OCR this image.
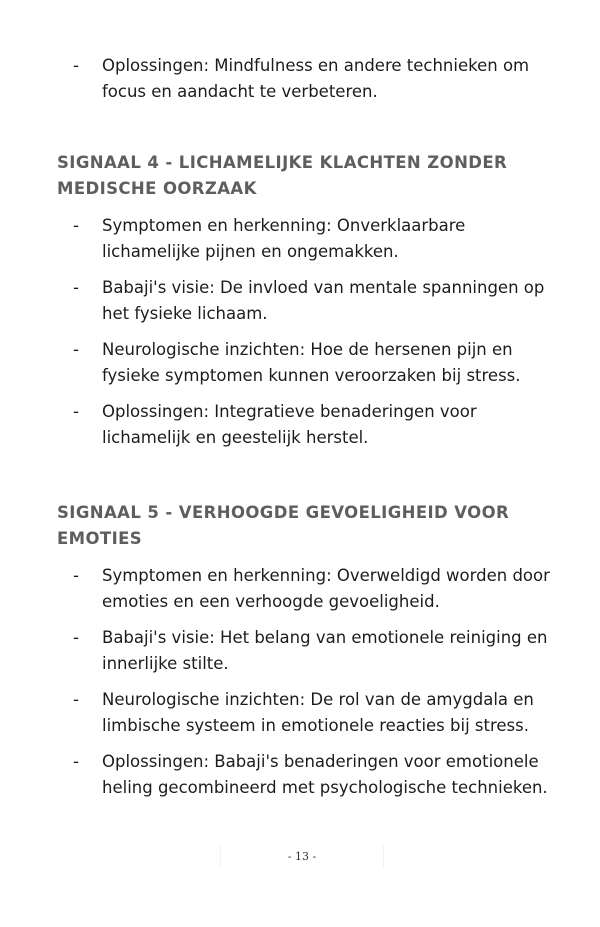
- Oplossingen: Mindfulness en andere technieken om focus en aandacht te verbeteren.
SIGNAAL 4 - LICHAMELIJKE KLACHTEN ZONDER MEDISCHE OORZAAK
- Symptomen en herkenning: Onverklaarbare lichamelijke pijnen en ongemakken.
- Babaji's visie: De invloed van mentale spanningen op het fysieke lichaam.
- Neurologische inzichten: Hoe de hersenen pijn en fysieke symptomen kunnen veroorzaken bij stress.
- Oplossingen: Integratieve benaderingen voor lichamelijk en geestelijk herstel.
SIGNAAL 5 - VERHOOGDE GEVOELIGHEID VOOR EMOTIES
- Symptomen en herkenning: Overweldigd worden door emoties en een verhoogde gevoeligheid.
- Babaji's visie: Het belang van emotionele reiniging en innerlijke stilte.
- Neurologische inzichten: De rol van de amygdala en limbische systeem in emotionele reacties bij stress.
- Oplossingen: Babaji's benaderingen voor emotionele heling gecombineerd met psychologische technieken.
- 13 -
